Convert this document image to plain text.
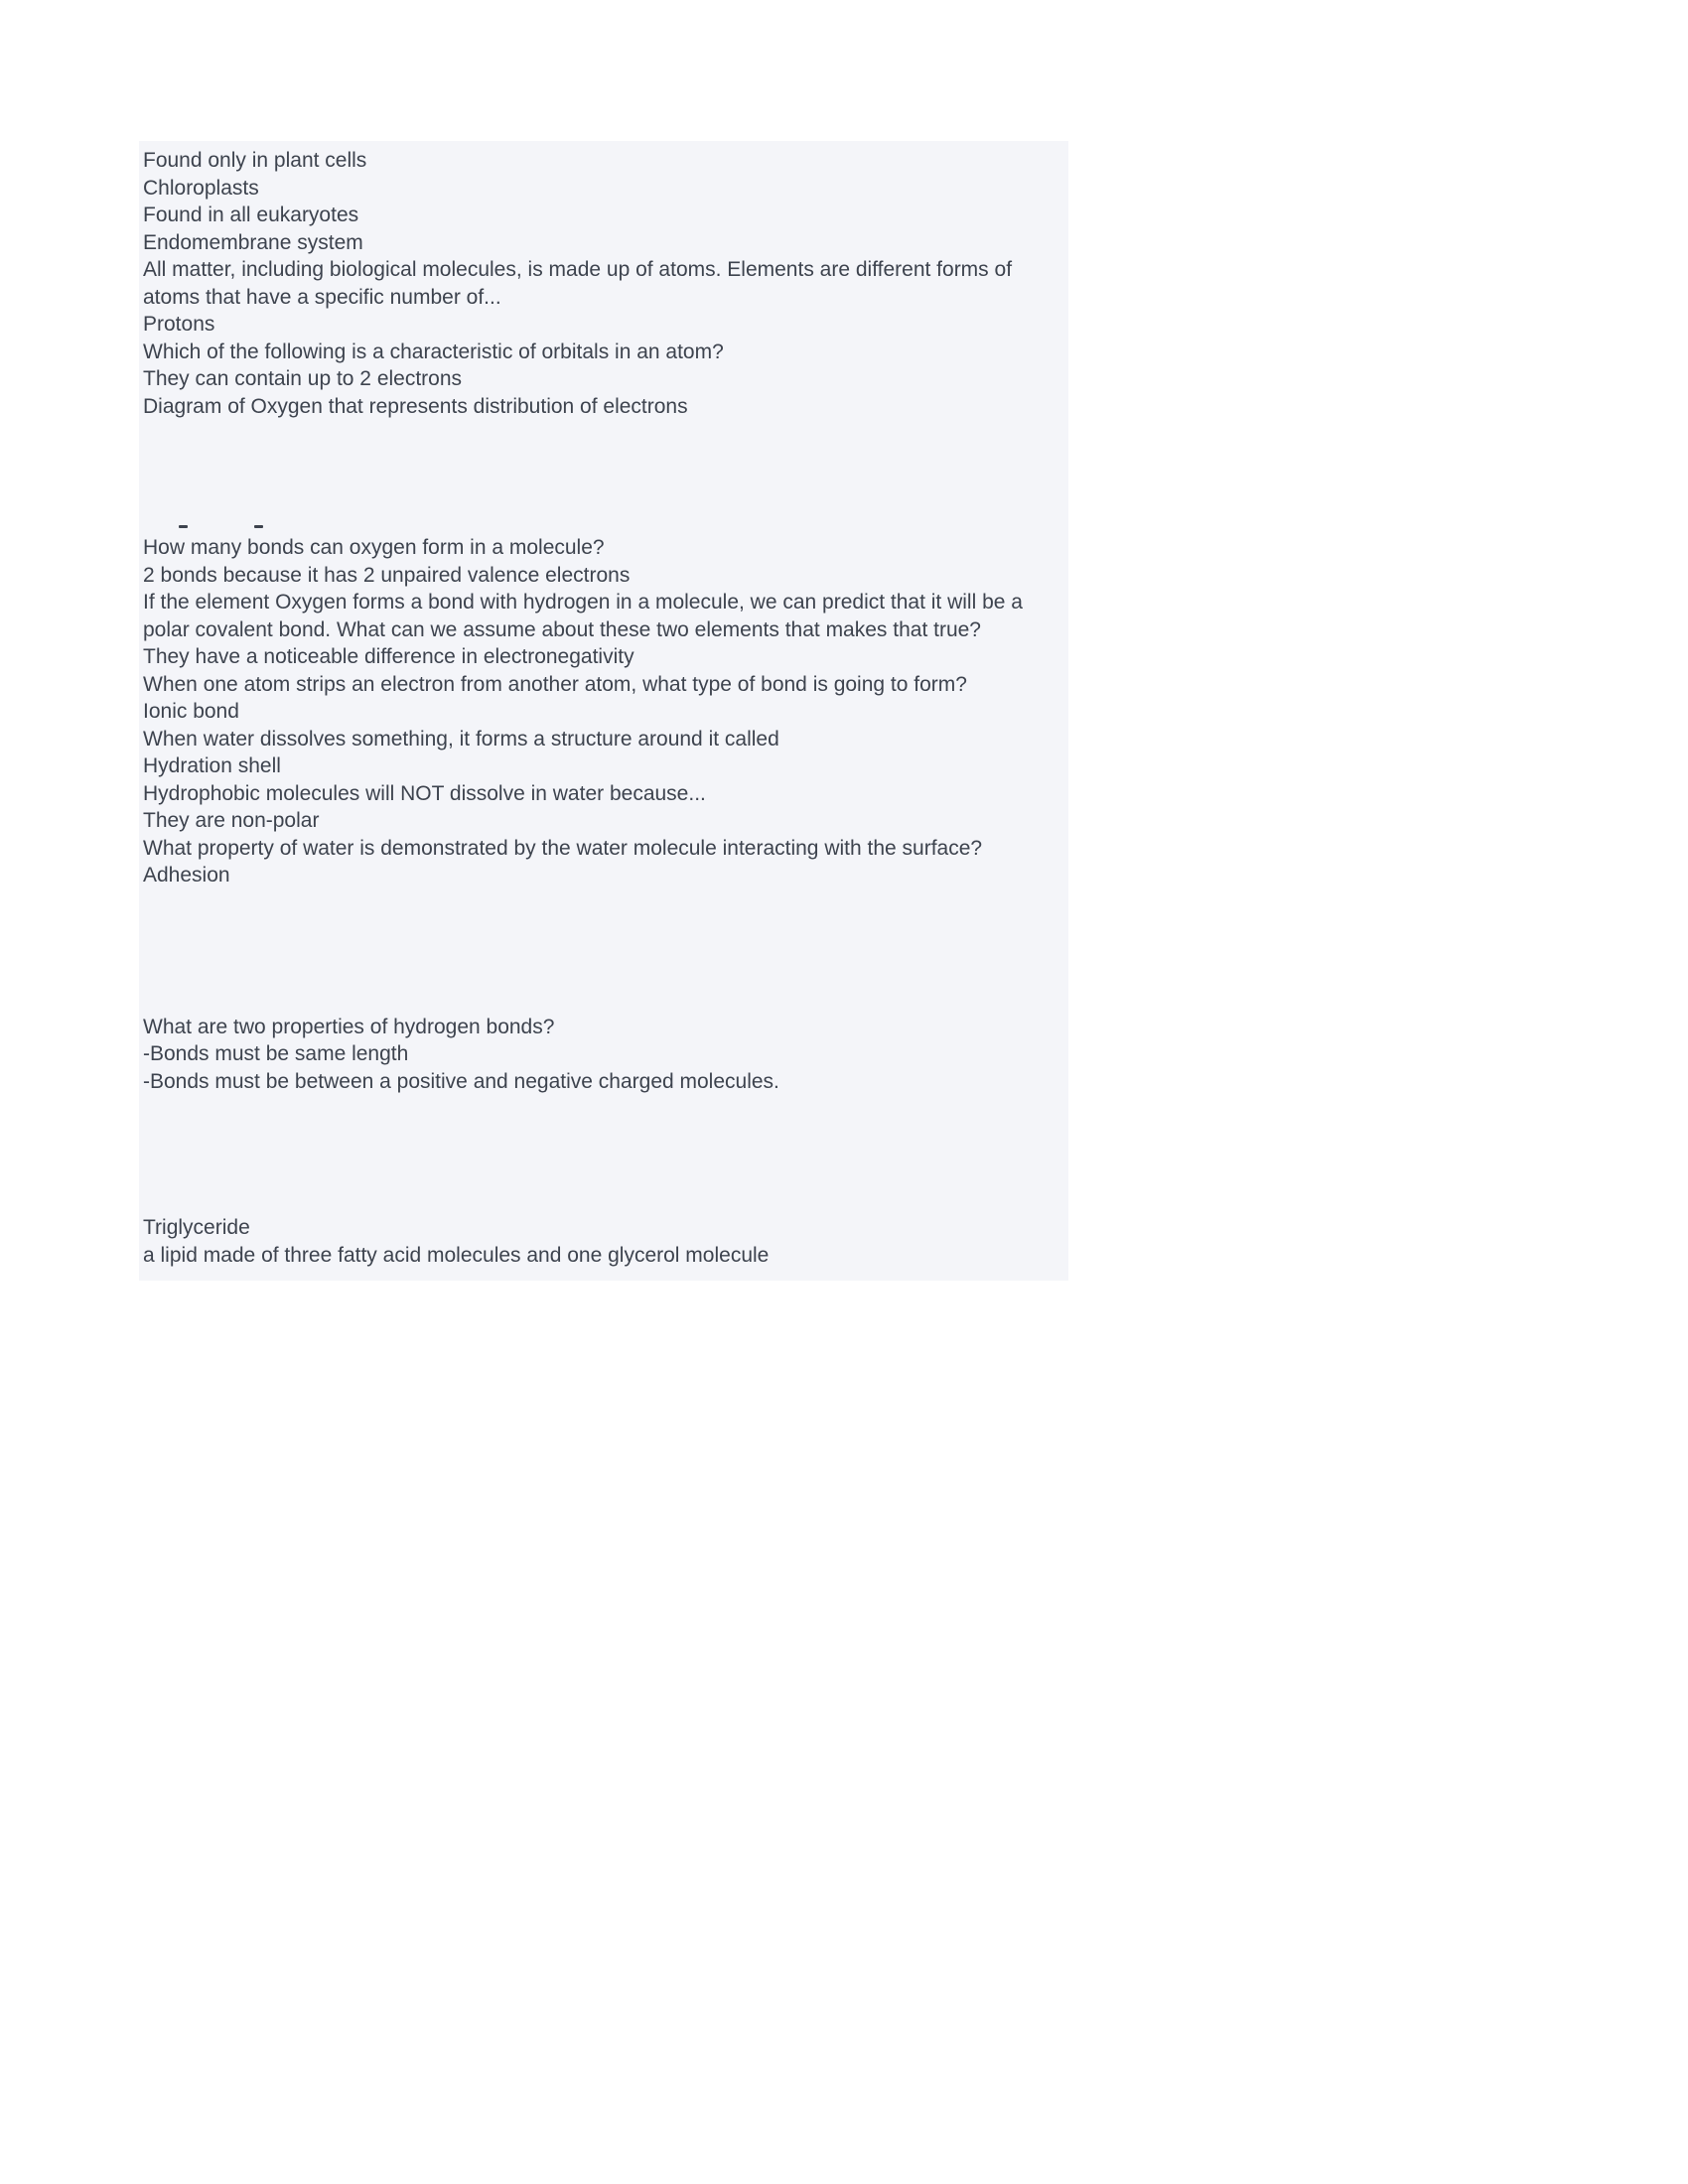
Found only in plant cells

Chloroplasts

Found in all eukaryotes

Endomembrane system

All matter, including biological molecules, is made up of atoms. Elements are different forms of atoms that have a specific number of...

Protons

Which of the following is a characteristic of orbitals in an atom?

They can contain up to 2 electrons

Diagram of Oxygen that represents distribution of electrons

How many bonds can oxygen form in a molecule?

2 bonds because it has 2 unpaired valence electrons

If the element Oxygen forms a bond with hydrogen in a molecule, we can predict that it will be a polar covalent bond. What can we assume about these two elements that makes that true?

They have a noticeable difference in electronegativity

When one atom strips an electron from another atom, what type of bond is going to form?

Ionic bond

When water dissolves something, it forms a structure around it called

Hydration shell

Hydrophobic molecules will NOT dissolve in water because...

They are non-polar

What property of water is demonstrated by the water molecule interacting with the surface?

Adhesion

What are two properties of hydrogen bonds?

-Bonds must be same length

-Bonds must be between a positive and negative charged molecules.

Triglyceride

a lipid made of three fatty acid molecules and one glycerol molecule
